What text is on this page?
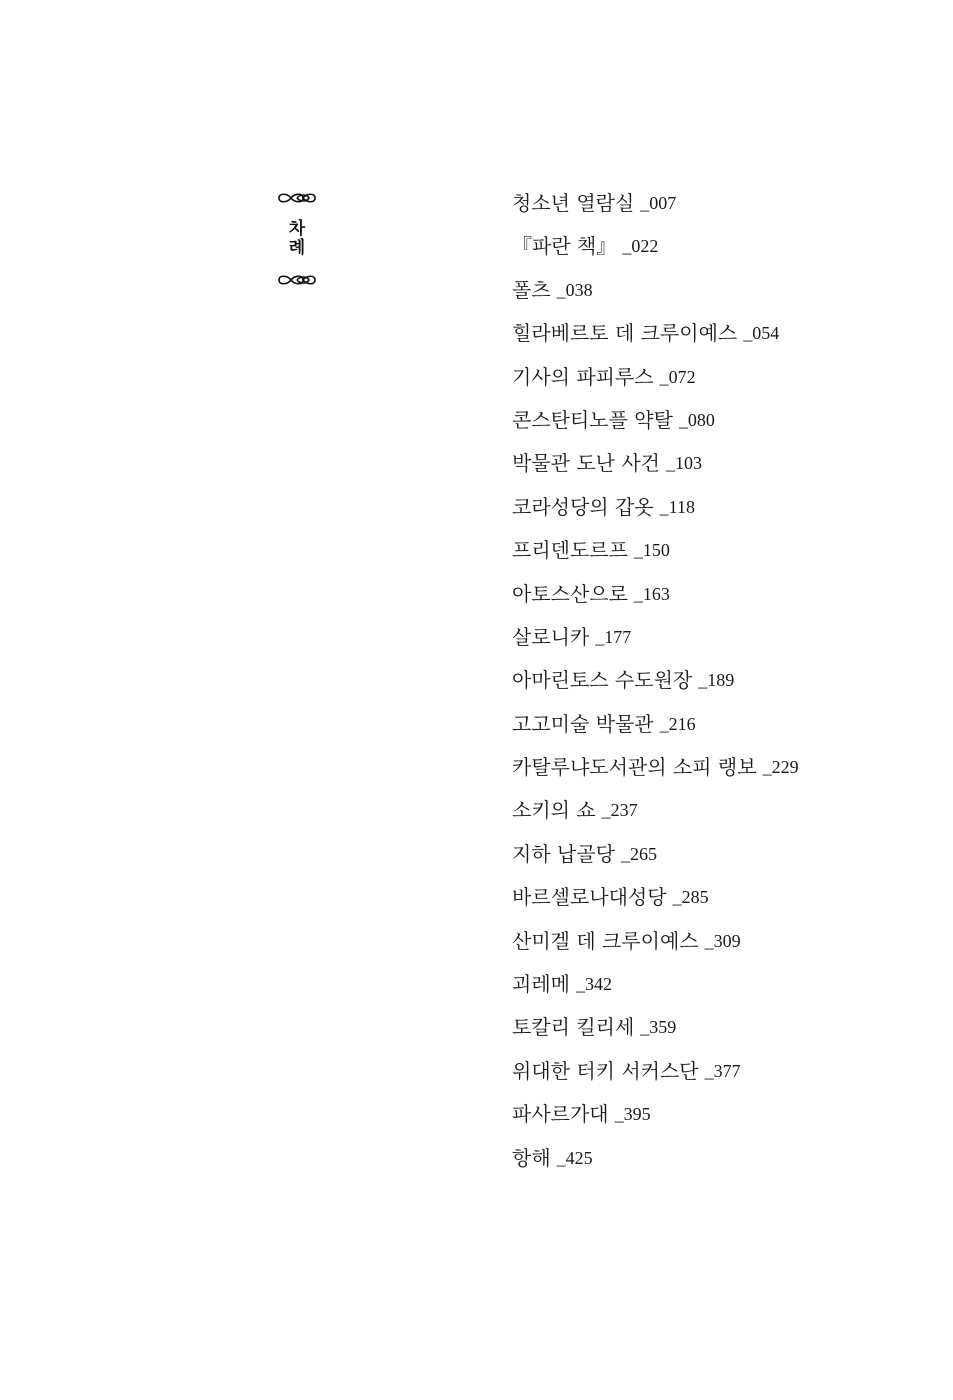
차
례
청소년 열람실 _007
『파란 책』 _022
폴츠 _038
힐라베르토 데 크루이예스 _054
기사의 파피루스 _072
콘스탄티노플 약탈 _080
박물관 도난 사건 _103
코라성당의 갑옷 _118
프리덴도르프 _150
아토스산으로 _163
살로니카 _177
아마린토스 수도원장 _189
고고미술 박물관 _216
카탈루냐도서관의 소피 랭보 _229
소키의 쇼 _237
지하 납골당 _265
바르셀로나대성당 _285
산미겔 데 크루이예스 _309
괴레메 _342
토칼리 킬리세 _359
위대한 터키 서커스단 _377
파사르가대 _395
항해 _425
